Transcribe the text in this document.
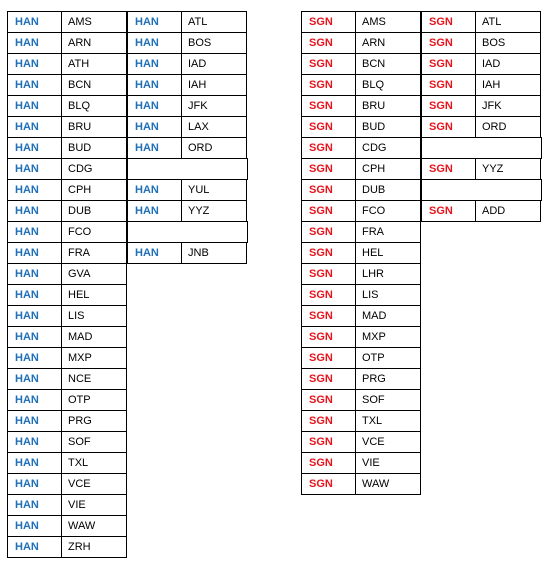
HAN	AMS
HAN	ARN
HAN	ATH
HAN	BCN
HAN	BLQ
HAN	BRU
HAN	BUD
HAN	CDG
HAN	CPH
HAN	DUB
HAN	FCO
HAN	FRA
HAN	GVA
HAN	HEL
HAN	LIS
HAN	MAD
HAN	MXP
HAN	NCE
HAN	OTP
HAN	PRG
HAN	SOF
HAN	TXL
HAN	VCE
HAN	VIE
HAN	WAW
HAN	ZRH
HAN	ATL
HAN	BOS
HAN	IAD
HAN	IAH
HAN	JFK
HAN	LAX
HAN	ORD
HAN	YUL
HAN	YYZ
HAN	JNB
SGN	AMS
SGN	ARN
SGN	BCN
SGN	BLQ
SGN	BRU
SGN	BUD
SGN	CDG
SGN	CPH
SGN	DUB
SGN	FCO
SGN	FRA
SGN	HEL
SGN	LHR
SGN	LIS
SGN	MAD
SGN	MXP
SGN	OTP
SGN	PRG
SGN	SOF
SGN	TXL
SGN	VCE
SGN	VIE
SGN	WAW
SGN	ATL
SGN	BOS
SGN	IAD
SGN	IAH
SGN	JFK
SGN	ORD
SGN	YYZ
SGN	ADD
